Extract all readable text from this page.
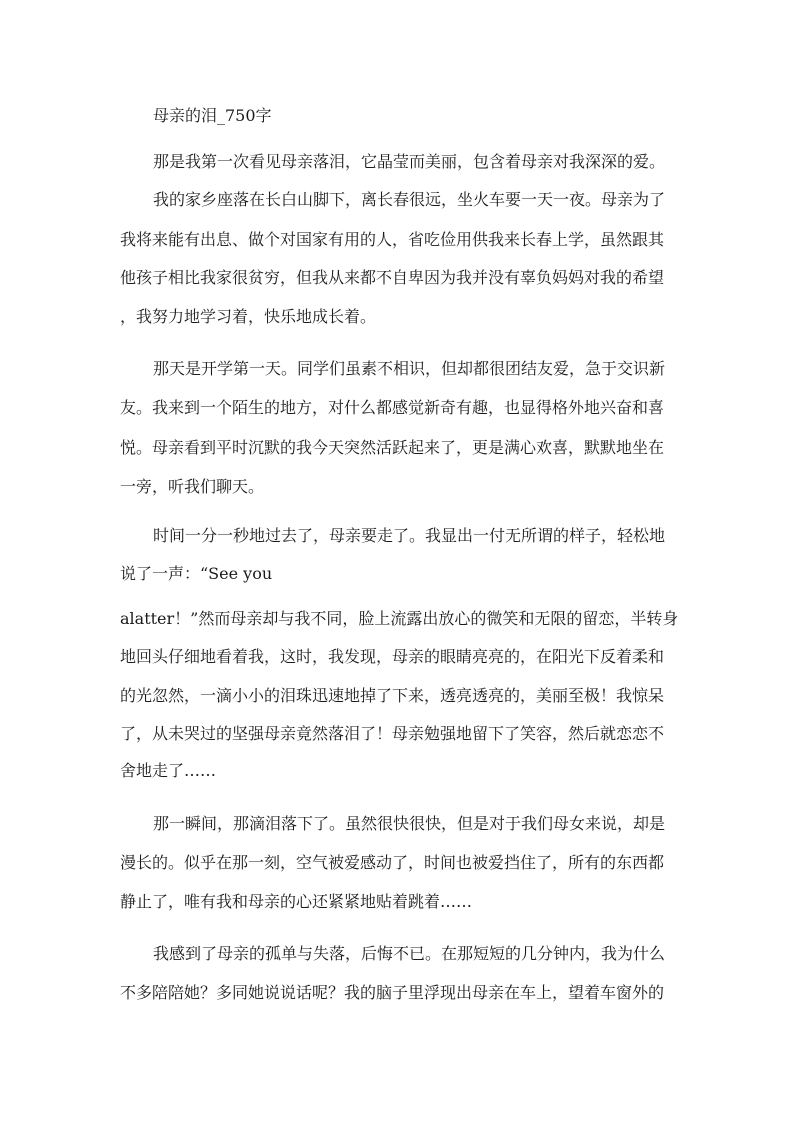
母亲的泪_750字

那是我第一次看见母亲落泪，它晶莹而美丽，包含着母亲对我深深的爱。

我的家乡座落在长白山脚下，离长春很远，坐火车要一天一夜。母亲为了

我将来能有出息、做个对国家有用的人，省吃俭用供我来长春上学，虽然跟其

他孩子相比我家很贫穷，但我从来都不自卑因为我并没有辜负妈妈对我的希望

，我努力地学习着，快乐地成长着。

那天是开学第一天。同学们虽素不相识，但却都很团结友爱，急于交识新

友。我来到一个陌生的地方，对什么都感觉新奇有趣，也显得格外地兴奋和喜

悦。母亲看到平时沉默的我今天突然活跃起来了，更是满心欢喜，默默地坐在

一旁，听我们聊天。

时间一分一秒地过去了，母亲要走了。我显出一付无所谓的样子，轻松地

说了一声：“See you

alatter！”然而母亲却与我不同，脸上流露出放心的微笑和无限的留恋，半转身

地回头仔细地看着我，这时，我发现，母亲的眼睛亮亮的，在阳光下反着柔和

的光忽然，一滴小小的泪珠迅速地掉了下来，透亮透亮的，美丽至极！我惊呆

了，从未哭过的坚强母亲竟然落泪了！母亲勉强地留下了笑容，然后就恋恋不

舍地走了……

那一瞬间，那滴泪落下了。虽然很快很快，但是对于我们母女来说，却是

漫长的。似乎在那一刻，空气被爱感动了，时间也被爱挡住了，所有的东西都

静止了，唯有我和母亲的心还紧紧地贴着跳着……

我感到了母亲的孤单与失落，后悔不已。在那短短的几分钟内，我为什么

不多陪陪她？多同她说说话呢？我的脑子里浮现出母亲在车上，望着车窗外的
